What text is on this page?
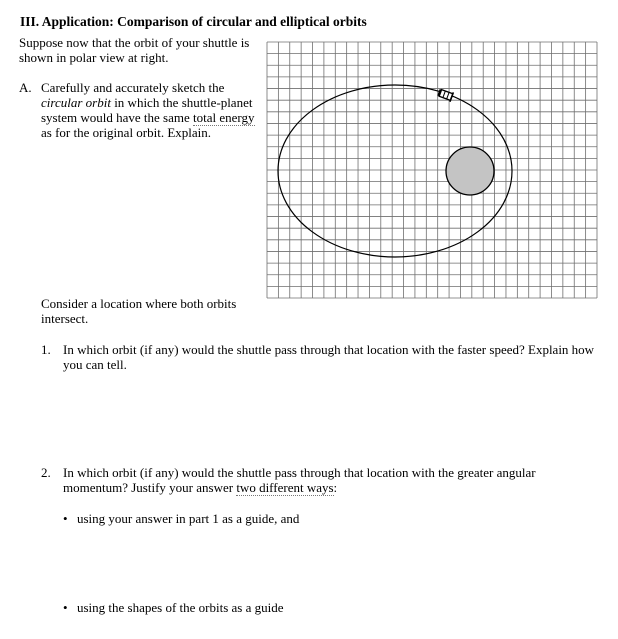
III. Application: Comparison of circular and elliptical orbits
Suppose now that the orbit of your shuttle is shown in polar view at right.
A. Carefully and accurately sketch the circular orbit in which the shuttle-planet system would have the same total energy as for the original orbit. Explain.
Consider a location where both orbits intersect.
1. In which orbit (if any) would the shuttle pass through that location with the faster speed? Explain how you can tell.
2. In which orbit (if any) would the shuttle pass through that location with the greater angular momentum? Justify your answer two different ways:
• using your answer in part 1 as a guide, and
• using the shapes of the orbits as a guide
